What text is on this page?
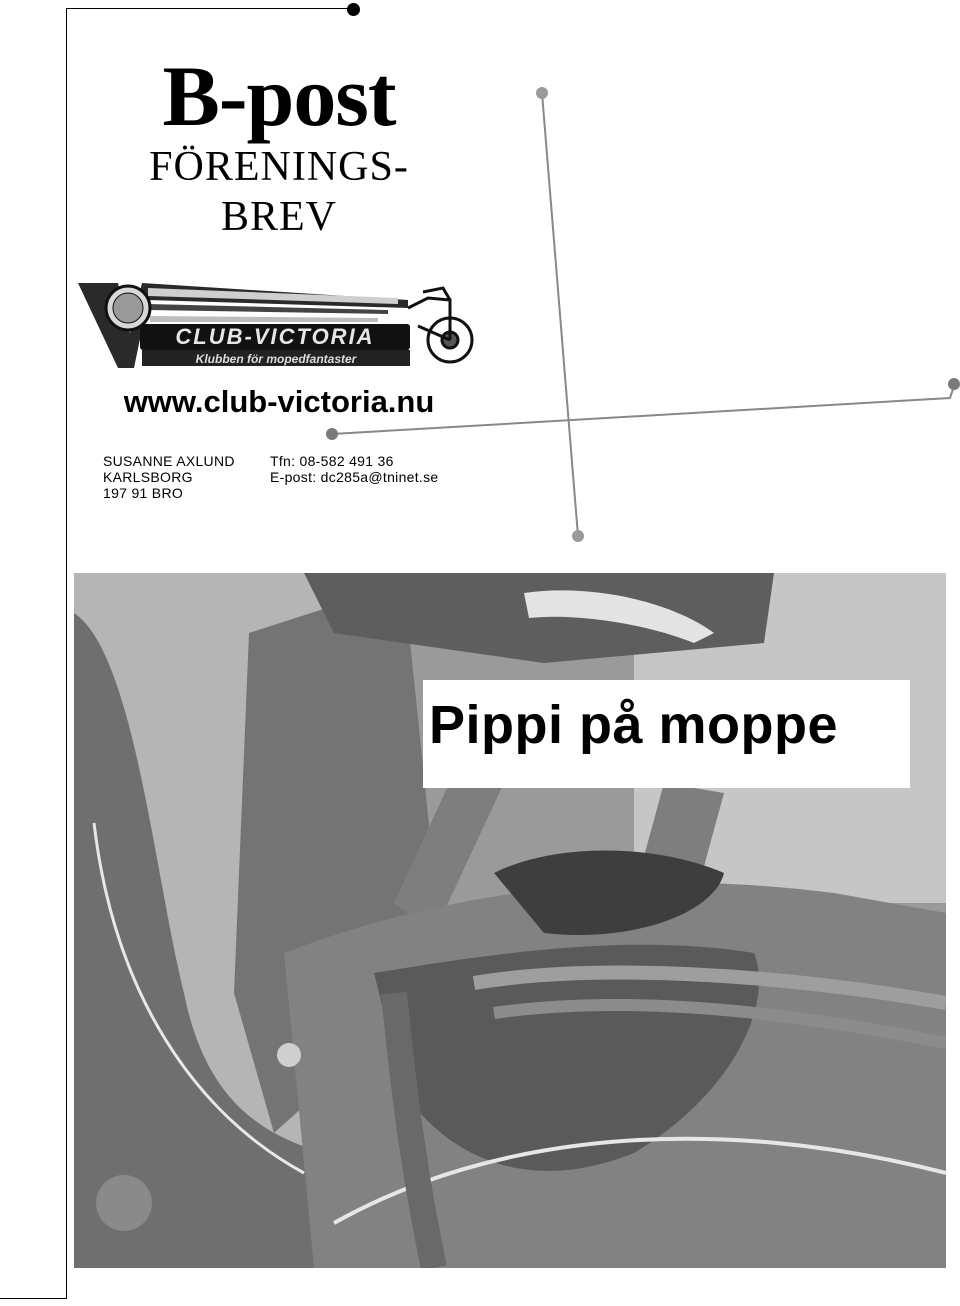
B-post
FÖRENINGS-
BREV
CLUB-VICTORIA
Klubben för mopedfantaster
www.club-victoria.nu
SUSANNE AXLUND
KARLSBORG
197 91 BRO
Tfn: 08-582 491 36
E-post: dc285a@tninet.se
Pippi på moppe
